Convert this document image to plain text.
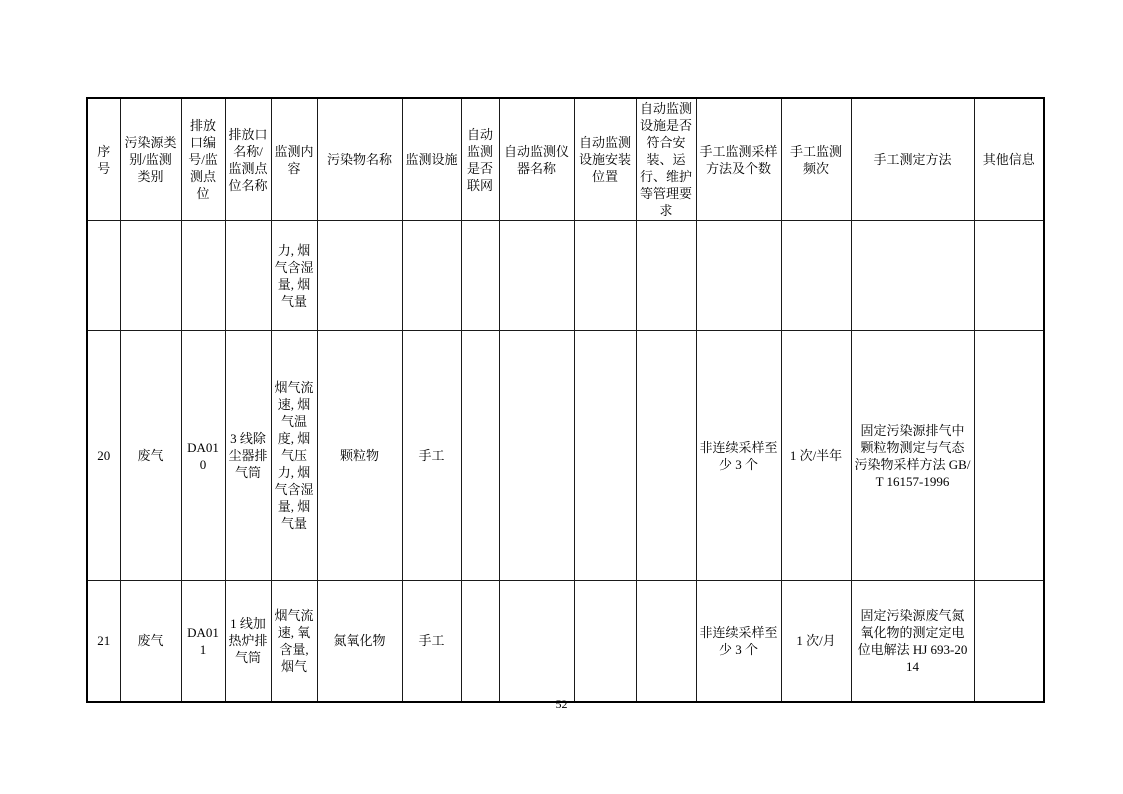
序号	污染源类别/监测类别	排放口编号/监测点位	排放口名称/监测点位名称	监测内容	污染物名称	监测设施	自动监测是否联网	自动监测仪器名称	自动监测设施安装位置	自动监测设施是否符合安装、运行、维护等管理要求	手工监测采样方法及个数	手工监测频次	手工测定方法	其他信息
				力, 烟气含湿量, 烟气量										
20	废气	DA010	3 线除尘器排气筒	烟气流速, 烟气温度, 烟气压力, 烟气含湿量, 烟气量	颗粒物	手工					非连续采样至少 3 个	1 次/半年	固定污染源排气中颗粒物测定与气态污染物采样方法 GB/T 16157-1996	
21	废气	DA011	1 线加热炉排气筒	烟气流速, 氧含量, 烟气	氮氧化物	手工					非连续采样至少 3 个	1 次/月	固定污染源废气氮氧化物的测定定电位电解法 HJ 693-2014	
52
